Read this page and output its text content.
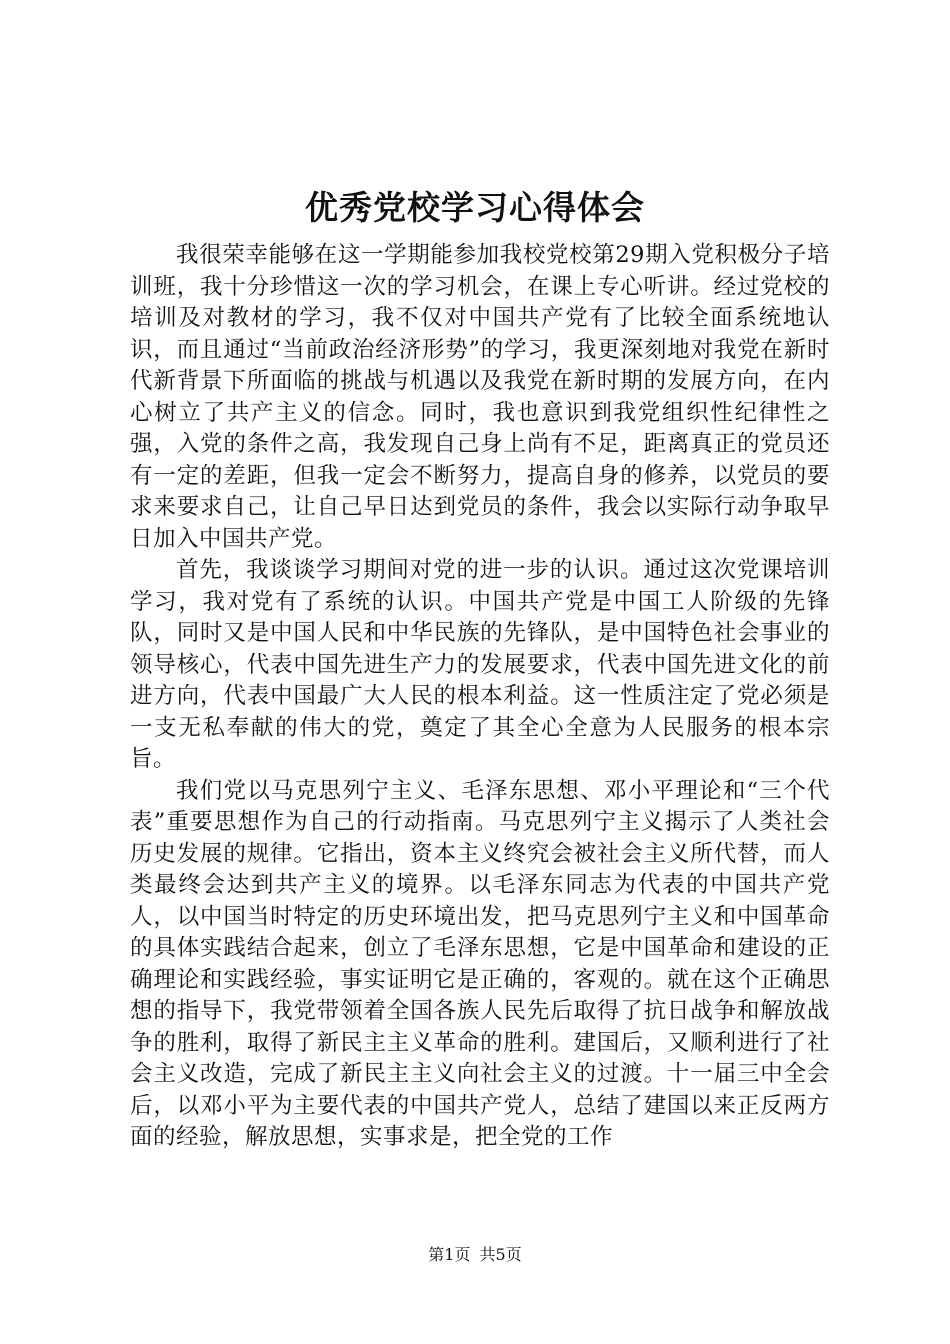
优秀党校学习心得体会

我很荣幸能够在这一学期能参加我校党校第29期入党积极分子培训班，我十分珍惜这一次的学习机会，在课上专心听讲。经过党校的培训及对教材的学习，我不仅对中国共产党有了比较全面系统地认识，而且通过“当前政治经济形势”的学习，我更深刻地对我党在新时代新背景下所面临的挑战与机遇以及我党在新时期的发展方向，在内心树立了共产主义的信念。同时，我也意识到我党组织性纪律性之强，入党的条件之高，我发现自己身上尚有不足，距离真正的党员还有一定的差距，但我一定会不断努力，提高自身的修养，以党员的要求来要求自己，让自己早日达到党员的条件，我会以实际行动争取早日加入中国共产党。

首先，我谈谈学习期间对党的进一步的认识。通过这次党课培训学习，我对党有了系统的认识。中国共产党是中国工人阶级的先锋队，同时又是中国人民和中华民族的先锋队，是中国特色社会事业的领导核心，代表中国先进生产力的发展要求，代表中国先进文化的前进方向，代表中国最广大人民的根本利益。这一性质注定了党必须是一支无私奉献的伟大的党，奠定了其全心全意为人民服务的根本宗旨。

我们党以马克思列宁主义、毛泽东思想、邓小平理论和“三个代表”重要思想作为自己的行动指南。马克思列宁主义揭示了人类社会历史发展的规律。它指出，资本主义终究会被社会主义所代替，而人类最终会达到共产主义的境界。以毛泽东同志为代表的中国共产党人，以中国当时特定的历史环境出发，把马克思列宁主义和中国革命的具体实践结合起来，创立了毛泽东思想，它是中国革命和建设的正确理论和实践经验，事实证明它是正确的，客观的。就在这个正确思想的指导下，我党带领着全国各族人民先后取得了抗日战争和解放战争的胜利，取得了新民主主义革命的胜利。建国后，又顺利进行了社会主义改造，完成了新民主主义向社会主义的过渡。十一届三中全会后，以邓小平为主要代表的中国共产党人，总结了建国以来正反两方面的经验，解放思想，实事求是，把全党的工作

第1页 共5页
